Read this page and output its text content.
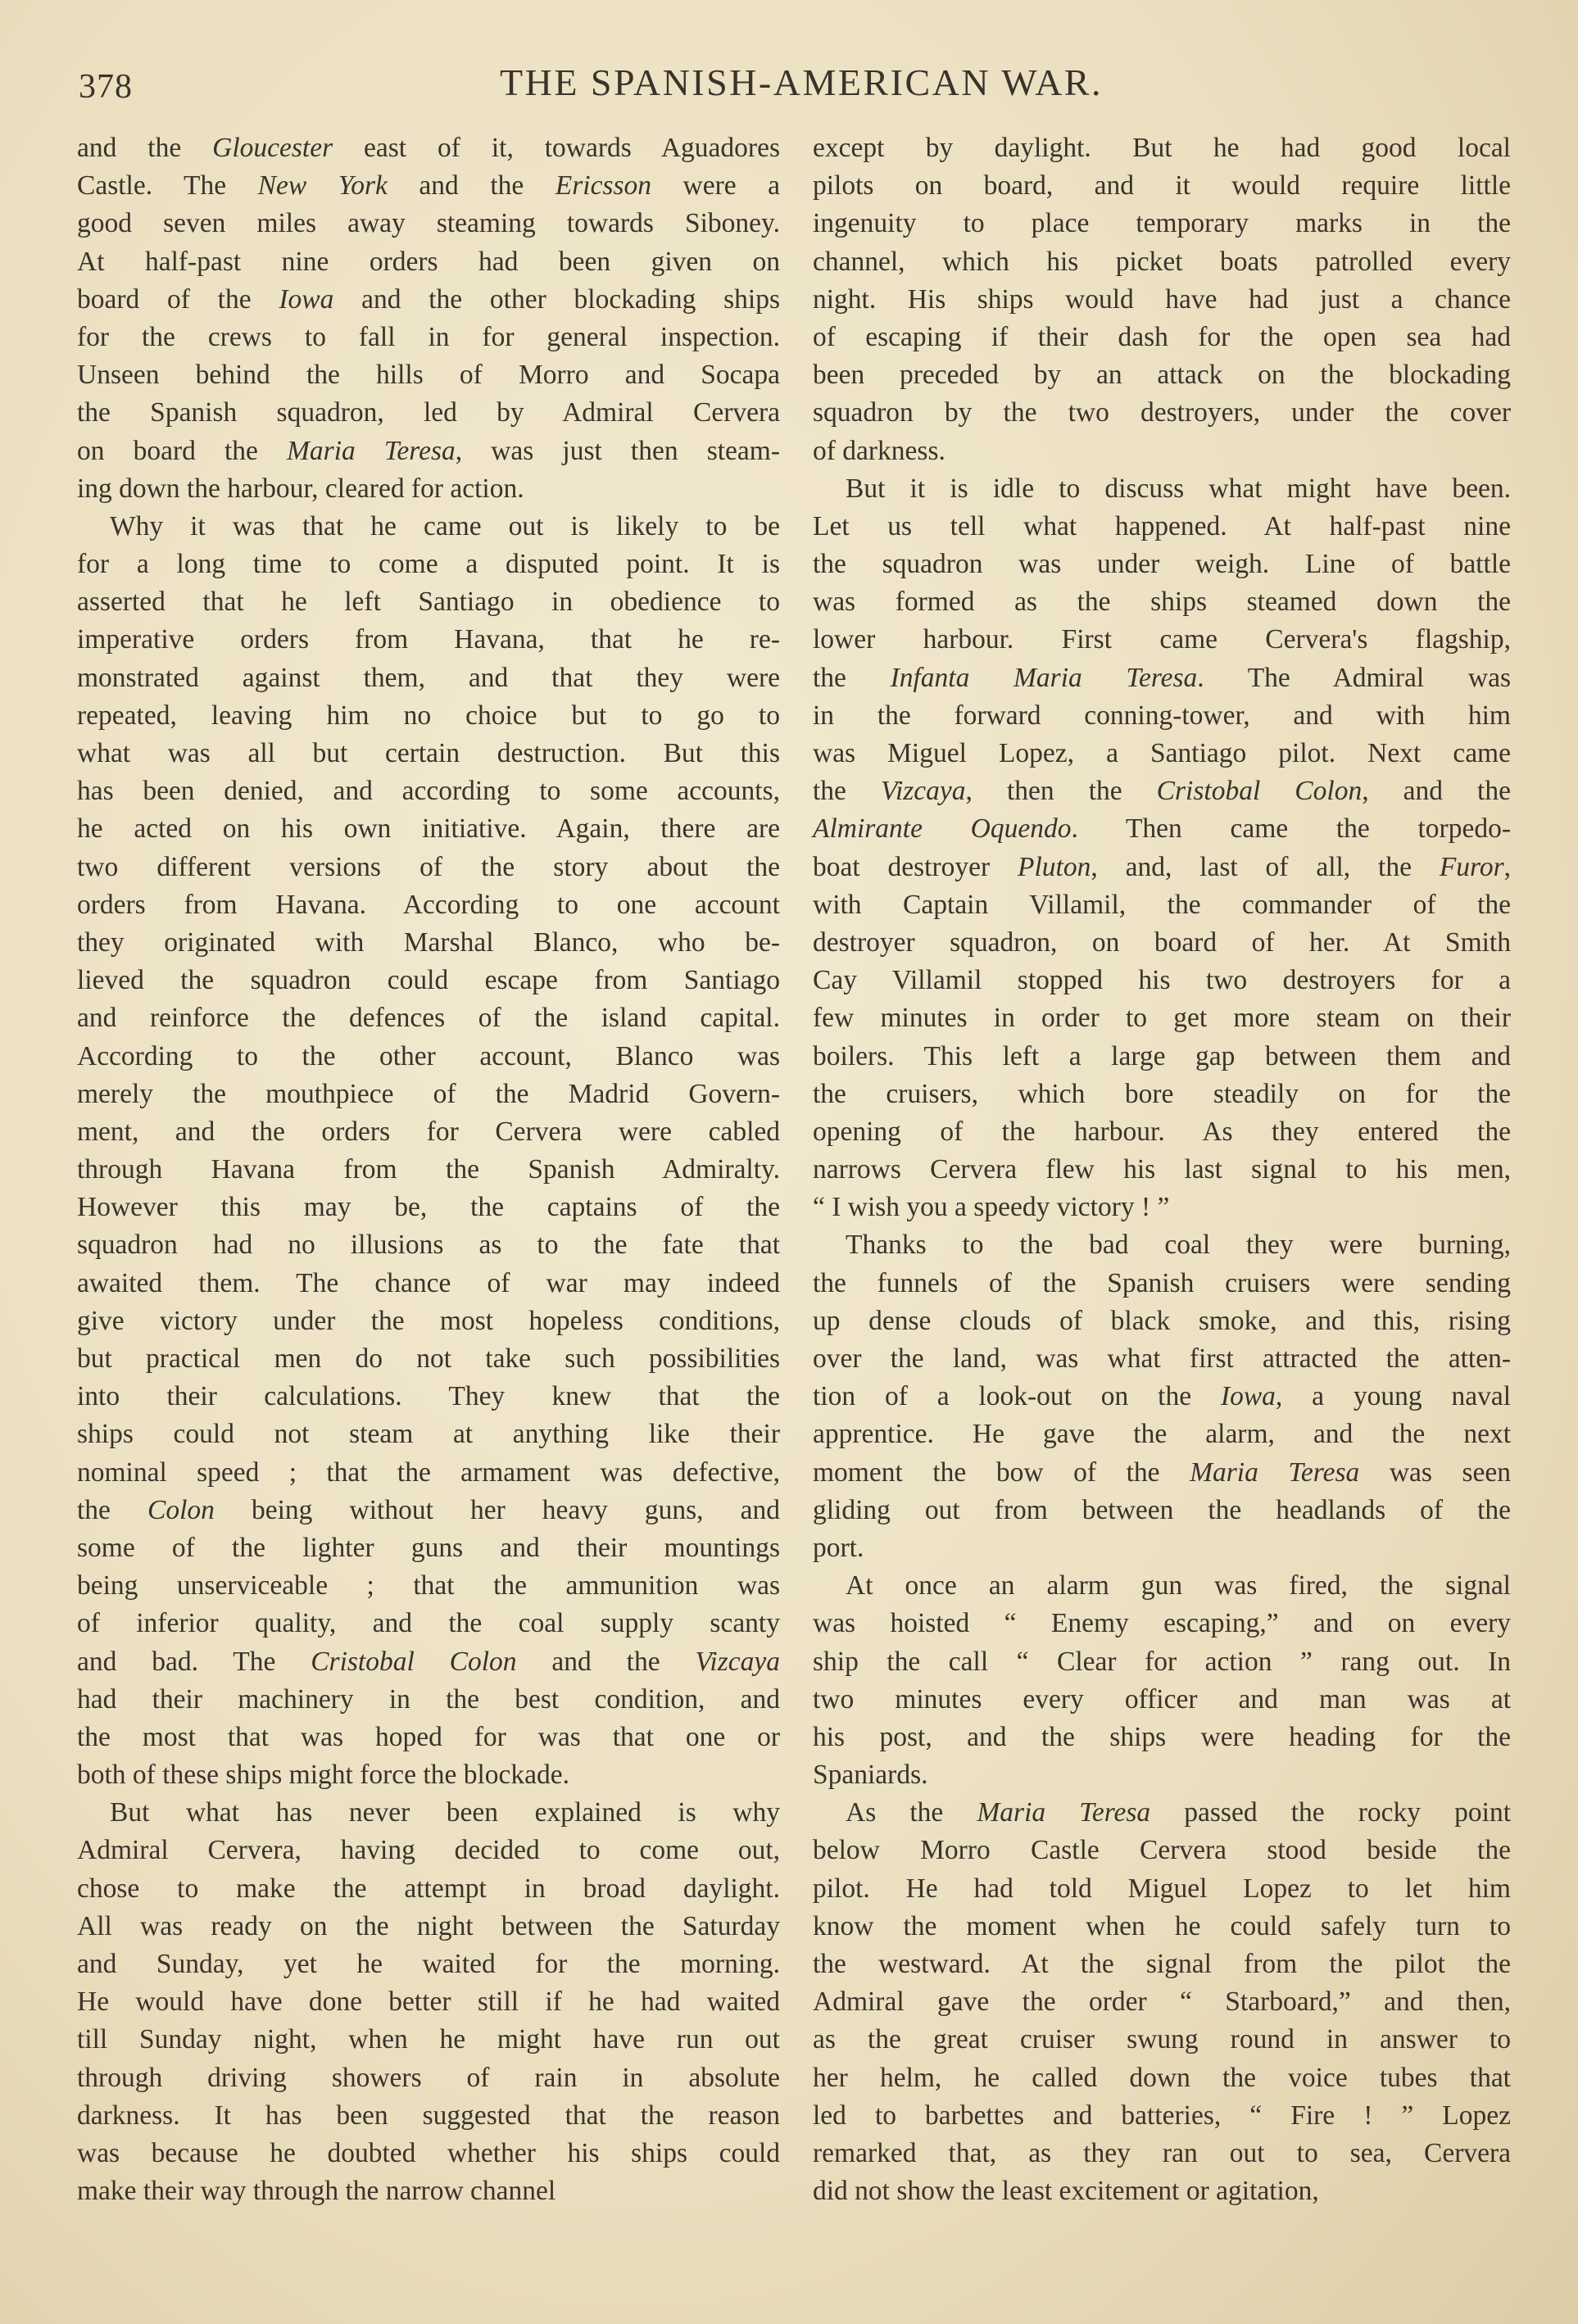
378	THE SPANISH-AMERICAN WAR.
and the Gloucester east of it, towards Aguadores
Castle. The New York and the Ericsson were a
good seven miles away steaming towards Siboney.
At half-past nine orders had been given on
board of the Iowa and the other blockading ships
for the crews to fall in for general inspection.
Unseen behind the hills of Morro and Socapa
the Spanish squadron, led by Admiral Cervera
on board the Maria Teresa, was just then steam-
ing down the harbour, cleared for action.
Why it was that he came out is likely to be
for a long time to come a disputed point. It is
asserted that he left Santiago in obedience to
imperative orders from Havana, that he re-
monstrated against them, and that they were
repeated, leaving him no choice but to go to
what was all but certain destruction. But this
has been denied, and according to some accounts,
he acted on his own initiative. Again, there are
two different versions of the story about the
orders from Havana. According to one account
they originated with Marshal Blanco, who be-
lieved the squadron could escape from Santiago
and reinforce the defences of the island capital.
According to the other account, Blanco was
merely the mouthpiece of the Madrid Govern-
ment, and the orders for Cervera were cabled
through Havana from the Spanish Admiralty.
However this may be, the captains of the
squadron had no illusions as to the fate that
awaited them. The chance of war may indeed
give victory under the most hopeless conditions,
but practical men do not take such possibilities
into their calculations. They knew that the
ships could not steam at anything like their
nominal speed ; that the armament was defective,
the Colon being without her heavy guns, and
some of the lighter guns and their mountings
being unserviceable ; that the ammunition was
of inferior quality, and the coal supply scanty
and bad. The Cristobal Colon and the Vizcaya
had their machinery in the best condition, and
the most that was hoped for was that one or
both of these ships might force the blockade.
But what has never been explained is why
Admiral Cervera, having decided to come out,
chose to make the attempt in broad daylight.
All was ready on the night between the Saturday
and Sunday, yet he waited for the morning.
He would have done better still if he had waited
till Sunday night, when he might have run out
through driving showers of rain in absolute
darkness. It has been suggested that the reason
was because he doubted whether his ships could
make their way through the narrow channel
except by daylight. But he had good local
pilots on board, and it would require little
ingenuity to place temporary marks in the
channel, which his picket boats patrolled every
night. His ships would have had just a chance
of escaping if their dash for the open sea had
been preceded by an attack on the blockading
squadron by the two destroyers, under the cover
of darkness.
But it is idle to discuss what might have been.
Let us tell what happened. At half-past nine
the squadron was under weigh. Line of battle
was formed as the ships steamed down the
lower harbour. First came Cervera's flagship,
the Infanta Maria Teresa. The Admiral was
in the forward conning-tower, and with him
was Miguel Lopez, a Santiago pilot. Next came
the Vizcaya, then the Cristobal Colon, and the
Almirante Oquendo. Then came the torpedo-
boat destroyer Pluton, and, last of all, the Furor,
with Captain Villamil, the commander of the
destroyer squadron, on board of her. At Smith
Cay Villamil stopped his two destroyers for a
few minutes in order to get more steam on their
boilers. This left a large gap between them and
the cruisers, which bore steadily on for the
opening of the harbour. As they entered the
narrows Cervera flew his last signal to his men,
“ I wish you a speedy victory ! ”
Thanks to the bad coal they were burning,
the funnels of the Spanish cruisers were sending
up dense clouds of black smoke, and this, rising
over the land, was what first attracted the atten-
tion of a look-out on the Iowa, a young naval
apprentice. He gave the alarm, and the next
moment the bow of the Maria Teresa was seen
gliding out from between the headlands of the
port.
At once an alarm gun was fired, the signal
was hoisted “ Enemy escaping,” and on every
ship the call “ Clear for action ” rang out. In
two minutes every officer and man was at
his post, and the ships were heading for the
Spaniards.
As the Maria Teresa passed the rocky point
below Morro Castle Cervera stood beside the
pilot. He had told Miguel Lopez to let him
know the moment when he could safely turn to
the westward. At the signal from the pilot the
Admiral gave the order “ Starboard,” and then,
as the great cruiser swung round in answer to
her helm, he called down the voice tubes that
led to barbettes and batteries, “ Fire ! ” Lopez
remarked that, as they ran out to sea, Cervera
did not show the least excitement or agitation,
